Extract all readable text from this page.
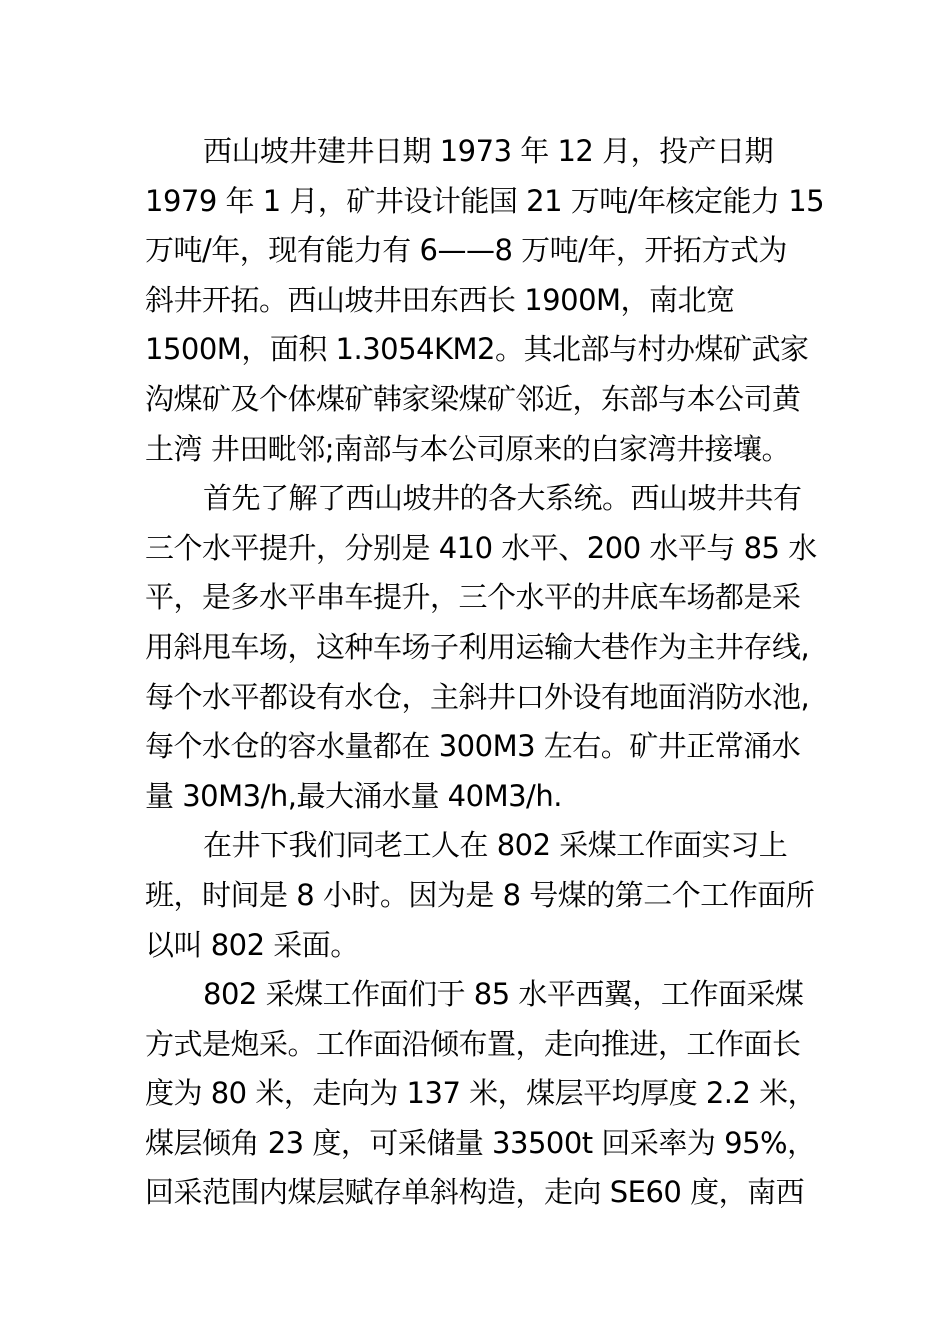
西山坡井建井日期 1973 年 12 月，投产日期
1979 年 1 月，矿井设计能国 21 万吨/年核定能力 15
万吨/年，现有能力有 6——8 万吨/年，开拓方式为
斜井开拓。西山坡井田东西长 1900M，南北宽
1500M，面积 1.3054KM2。其北部与村办煤矿武家
沟煤矿及个体煤矿韩家梁煤矿邻近，东部与本公司黄
土湾 井田毗邻;南部与本公司原来的白家湾井接壤。
首先了解了西山坡井的各大系统。西山坡井共有
三个水平提升，分别是 410 水平、200 水平与 85 水
平，是多水平串车提升，三个水平的井底车场都是采
用斜甩车场，这种车场子利用运输大巷作为主井存线,
每个水平都设有水仓，主斜井口外设有地面消防水池,
每个水仓的容水量都在 300M3 左右。矿井正常涌水
量 30M3/h,最大涌水量 40M3/h.
在井下我们同老工人在 802 采煤工作面实习上
班，时间是 8 小时。因为是 8 号煤的第二个工作面所
以叫 802 采面。
802 采煤工作面们于 85 水平西翼，工作面采煤
方式是炮采。工作面沿倾布置，走向推进，工作面长
度为 80 米，走向为 137 米，煤层平均厚度 2.2 米，
煤层倾角 23 度，可采储量 33500t 回采率为 95%，
回采范围内煤层赋存单斜构造，走向 SE60 度，南西
